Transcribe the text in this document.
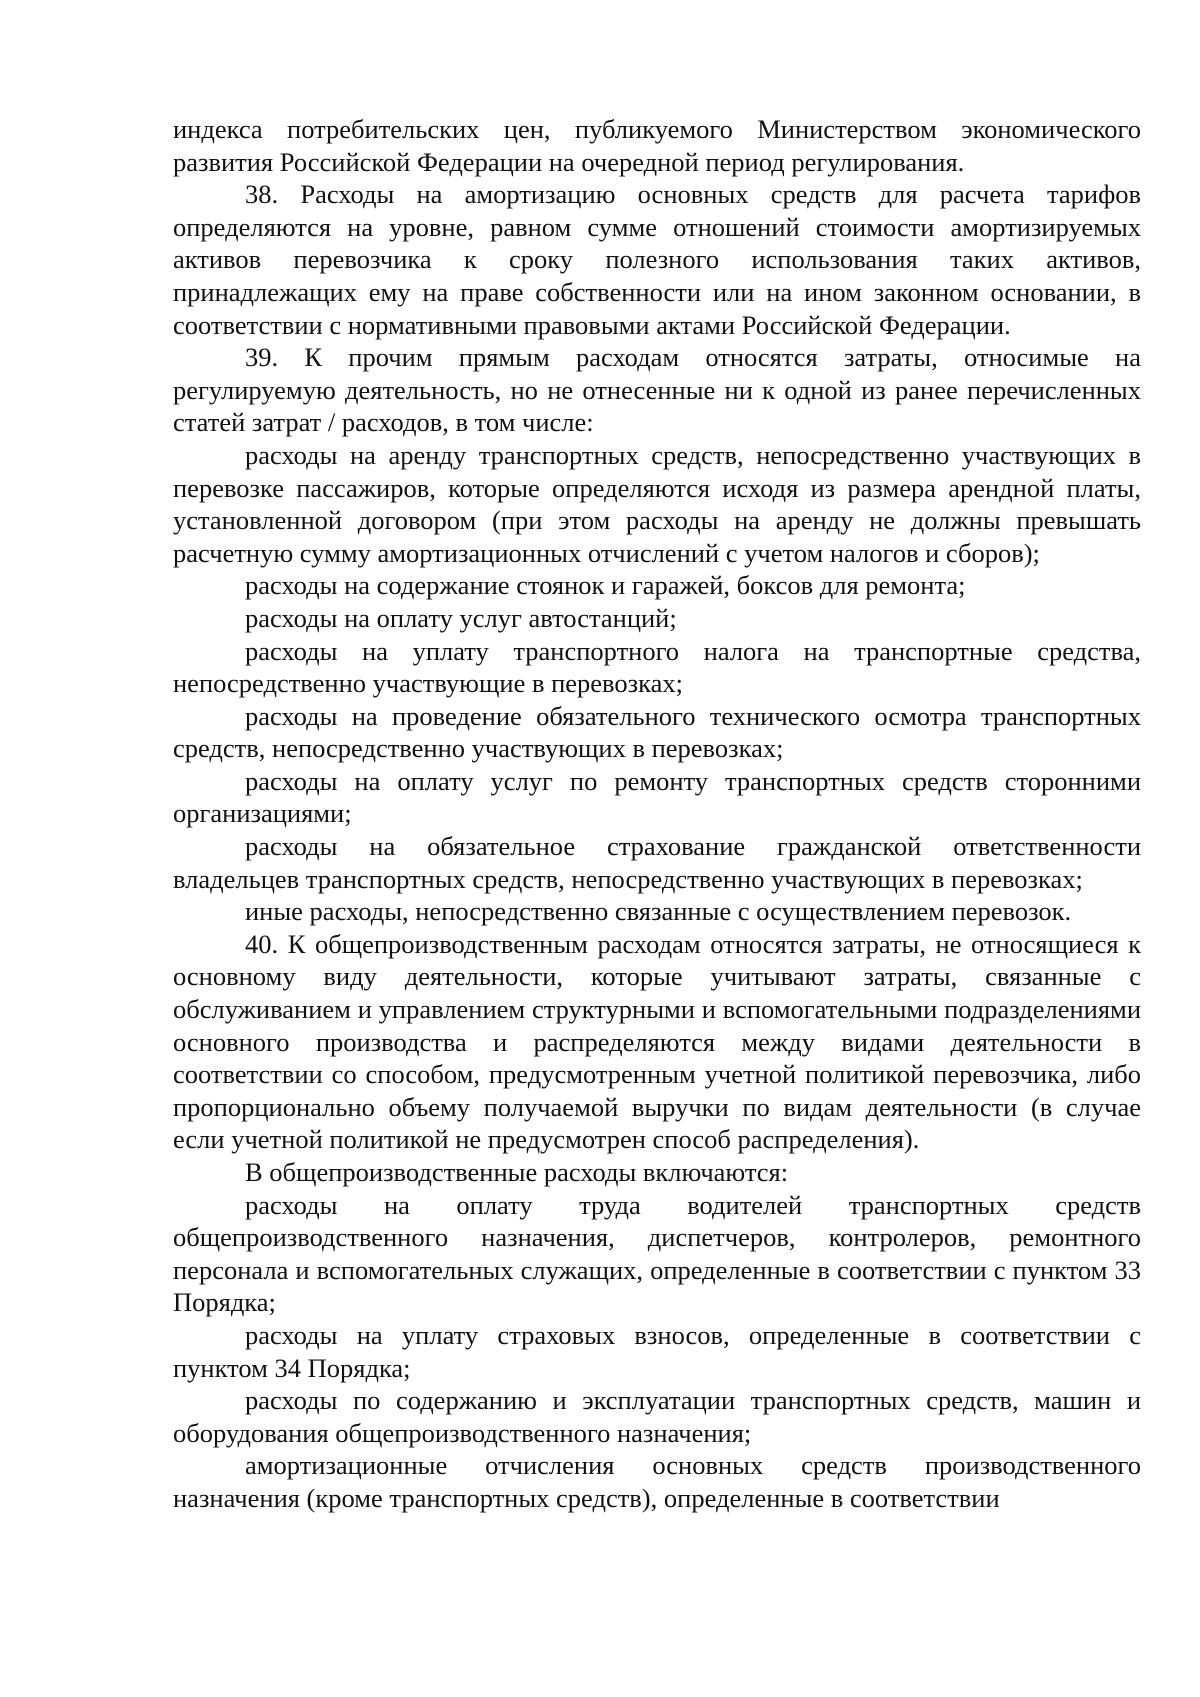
индекса потребительских цен, публикуемого Министерством экономического развития Российской Федерации на очередной период регулирования.

38. Расходы на амортизацию основных средств для расчета тарифов определяются на уровне, равном сумме отношений стоимости амортизируемых активов перевозчика к сроку полезного использования таких активов, принадлежащих ему на праве собственности или на ином законном основании, в соответствии с нормативными правовыми актами Российской Федерации.

39. К прочим прямым расходам относятся затраты, относимые на регулируемую деятельность, но не отнесенные ни к одной из ранее перечисленных статей затрат / расходов, в том числе:

расходы на аренду транспортных средств, непосредственно участвующих в перевозке пассажиров, которые определяются исходя из размера арендной платы, установленной договором (при этом расходы на аренду не должны превышать расчетную сумму амортизационных отчислений с учетом налогов и сборов);

расходы на содержание стоянок и гаражей, боксов для ремонта;

расходы на оплату услуг автостанций;

расходы на уплату транспортного налога на транспортные средства, непосредственно участвующие в перевозках;

расходы на проведение обязательного технического осмотра транспортных средств, непосредственно участвующих в перевозках;

расходы на оплату услуг по ремонту транспортных средств сторонними организациями;

расходы на обязательное страхование гражданской ответственности владельцев транспортных средств, непосредственно участвующих в перевозках;

иные расходы, непосредственно связанные с осуществлением перевозок.

40. К общепроизводственным расходам относятся затраты, не относящиеся к основному виду деятельности, которые учитывают затраты, связанные с обслуживанием и управлением структурными и вспомогательными подразделениями основного производства и распределяются между видами деятельности в соответствии со способом, предусмотренным учетной политикой перевозчика, либо пропорционально объему получаемой выручки по видам деятельности (в случае если учетной политикой не предусмотрен способ распределения).

В общепроизводственные расходы включаются:

расходы на оплату труда водителей транспортных средств общепроизводственного назначения, диспетчеров, контролеров, ремонтного персонала и вспомогательных служащих, определенные в соответствии с пунктом 33 Порядка;

расходы на уплату страховых взносов, определенные в соответствии с пунктом 34 Порядка;

расходы по содержанию и эксплуатации транспортных средств, машин и оборудования общепроизводственного назначения;

амортизационные отчисления основных средств производственного назначения (кроме транспортных средств), определенные в соответствии
